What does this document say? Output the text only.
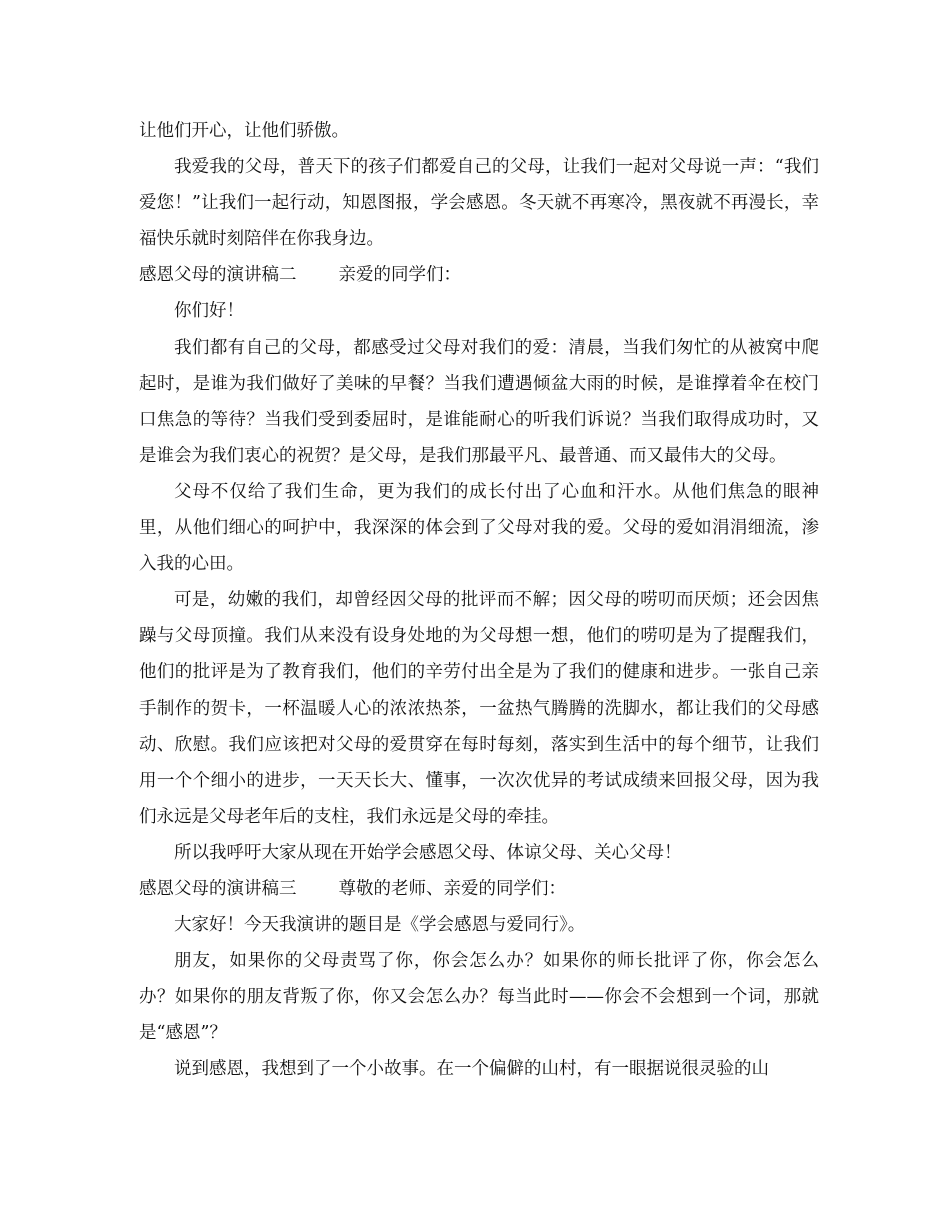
让他们开心，让他们骄傲。

我爱我的父母，普天下的孩子们都爱自己的父母，让我们一起对父母说一声：“我们爱您！”让我们一起行动，知恩图报，学会感恩。冬天就不再寒冷，黑夜就不再漫长，幸福快乐就时刻陪伴在你我身边。

感恩父母的演讲稿二 亲爱的同学们：

你们好！

我们都有自己的父母，都感受过父母对我们的爱：清晨，当我们匆忙的从被窝中爬起时，是谁为我们做好了美味的早餐？当我们遭遇倾盆大雨的时候，是谁撑着伞在校门口焦急的等待？当我们受到委屈时，是谁能耐心的听我们诉说？当我们取得成功时，又是谁会为我们衷心的祝贺？是父母，是我们那最平凡、最普通、而又最伟大的父母。

父母不仅给了我们生命，更为我们的成长付出了心血和汗水。从他们焦急的眼神里，从他们细心的呵护中，我深深的体会到了父母对我的爱。父母的爱如涓涓细流，渗入我的心田。

可是，幼嫩的我们，却曾经因父母的批评而不解；因父母的唠叨而厌烦；还会因焦躁与父母顶撞。我们从来没有设身处地的为父母想一想，他们的唠叨是为了提醒我们，他们的批评是为了教育我们，他们的辛劳付出全是为了我们的健康和进步。一张自己亲手制作的贺卡，一杯温暖人心的浓浓热茶，一盆热气腾腾的洗脚水，都让我们的父母感动、欣慰。我们应该把对父母的爱贯穿在每时每刻，落实到生活中的每个细节，让我们用一个个细小的进步，一天天长大、懂事，一次次优异的考试成绩来回报父母，因为我们永远是父母老年后的支柱，我们永远是父母的牵挂。

所以我呼吁大家从现在开始学会感恩父母、体谅父母、关心父母！

感恩父母的演讲稿三 尊敬的老师、亲爱的同学们：

大家好！今天我演讲的题目是《学会感恩与爱同行》。

朋友，如果你的父母责骂了你，你会怎么办？如果你的师长批评了你，你会怎么办？如果你的朋友背叛了你，你又会怎么办？每当此时——你会不会想到一个词，那就是“感恩”？

说到感恩，我想到了一个小故事。在一个偏僻的山村，有一眼据说很灵验的山
